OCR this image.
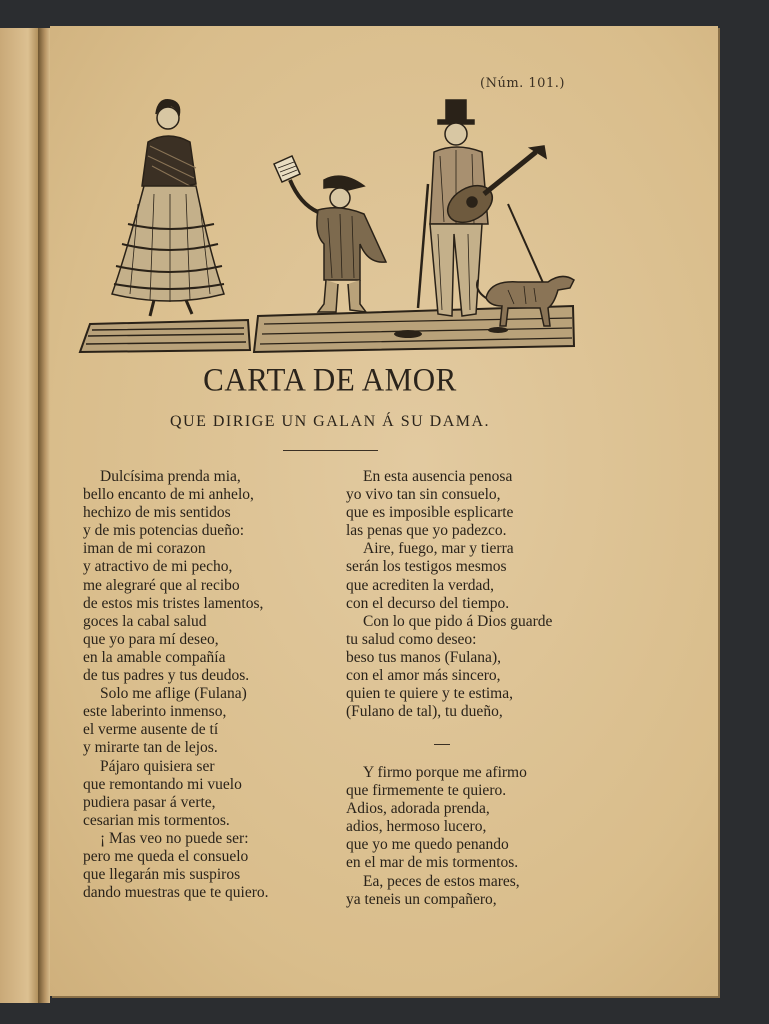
(Núm. 101.)
CARTA DE AMOR
QUE DIRIGE UN GALAN Á SU DAMA.
Dulcísima prenda mia,
bello encanto de mi anhelo,
hechizo de mis sentidos
y de mis potencias dueño:
iman de mi corazon
y atractivo de mi pecho,
me alegraré que al recibo
de estos mis tristes lamentos,
goces la cabal salud
que yo para mí deseo,
en la amable compañía
de tus padres y tus deudos.
Solo me aflige (Fulana)
este laberinto inmenso,
el verme ausente de tí
y mirarte tan de lejos.
Pájaro quisiera ser
que remontando mi vuelo
pudiera pasar á verte,
cesarian mis tormentos.
¡ Mas veo no puede ser:
pero me queda el consuelo
que llegarán mis suspiros
dando muestras que te quiero.
En esta ausencia penosa
yo vivo tan sin consuelo,
que es imposible esplicarte
las penas que yo padezco.
Aire, fuego, mar y tierra
serán los testigos mesmos
que acrediten la verdad,
con el decurso del tiempo.
Con lo que pido á Dios guarde
tu salud como deseo:
beso tus manos (Fulana),
con el amor más sincero,
quien te quiere y te estima,
(Fulano de tal), tu dueño,
Y firmo porque me afirmo
que firmemente te quiero.
Adios, adorada prenda,
adios, hermoso lucero,
que yo me quedo penando
en el mar de mis tormentos.
Ea, peces de estos mares,
ya teneis un compañero,
